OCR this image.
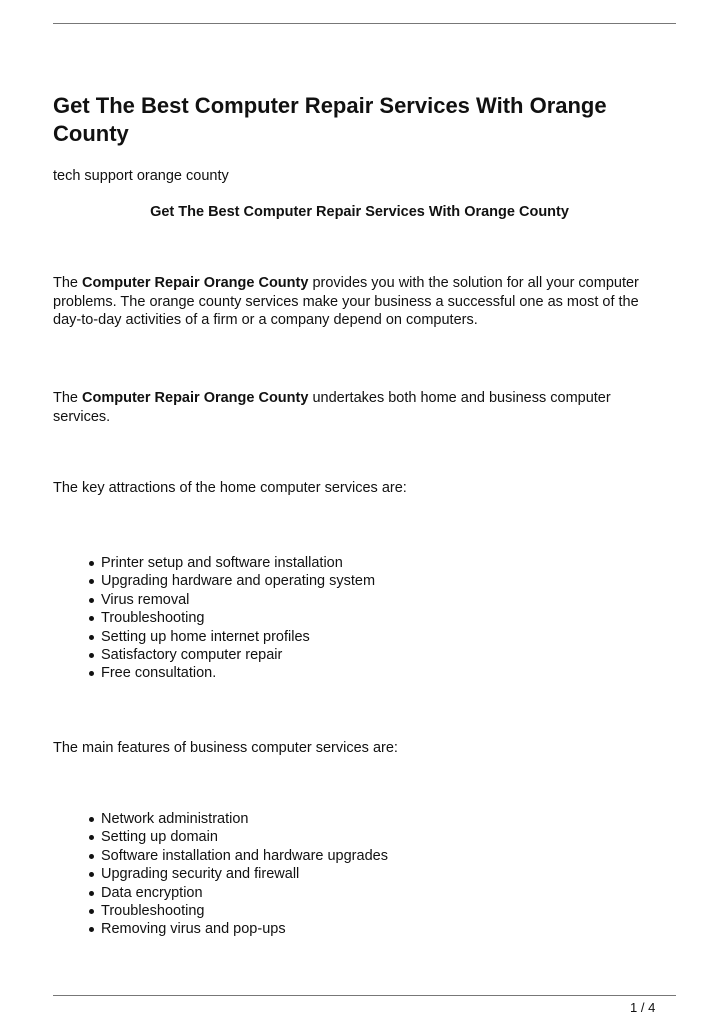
Get The Best Computer Repair Services With Orange County

tech support orange county

Get The Best Computer Repair Services With Orange County

The Computer Repair Orange County provides you with the solution for all your computer problems. The orange county services make your business a successful one as most of the day-to-day activities of a firm or a company depend on computers.

The Computer Repair Orange County undertakes both home and business computer services.

The key attractions of the home computer services are:

Printer setup and software installation
Upgrading hardware and operating system
Virus removal
Troubleshooting
Setting up home internet profiles
Satisfactory computer repair
Free consultation.

The main features of business computer services are:

Network administration
Setting up domain
Software installation and hardware upgrades
Upgrading security and firewall
Data encryption
Troubleshooting
Removing virus and pop-ups

1 / 4
